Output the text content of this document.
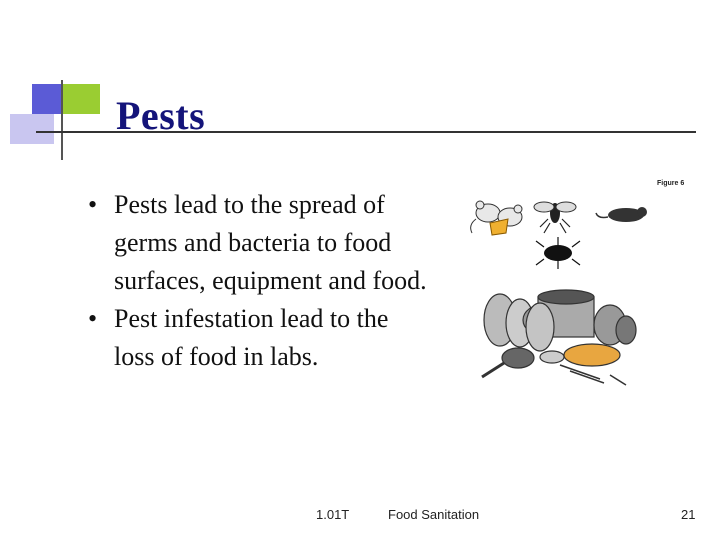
Pests

• Pests lead to the spread of germs and bacteria to food surfaces, equipment and food.

• Pest infestation lead to the loss of food in labs.

Figure 6
1.01T	Food Sanitation	21
